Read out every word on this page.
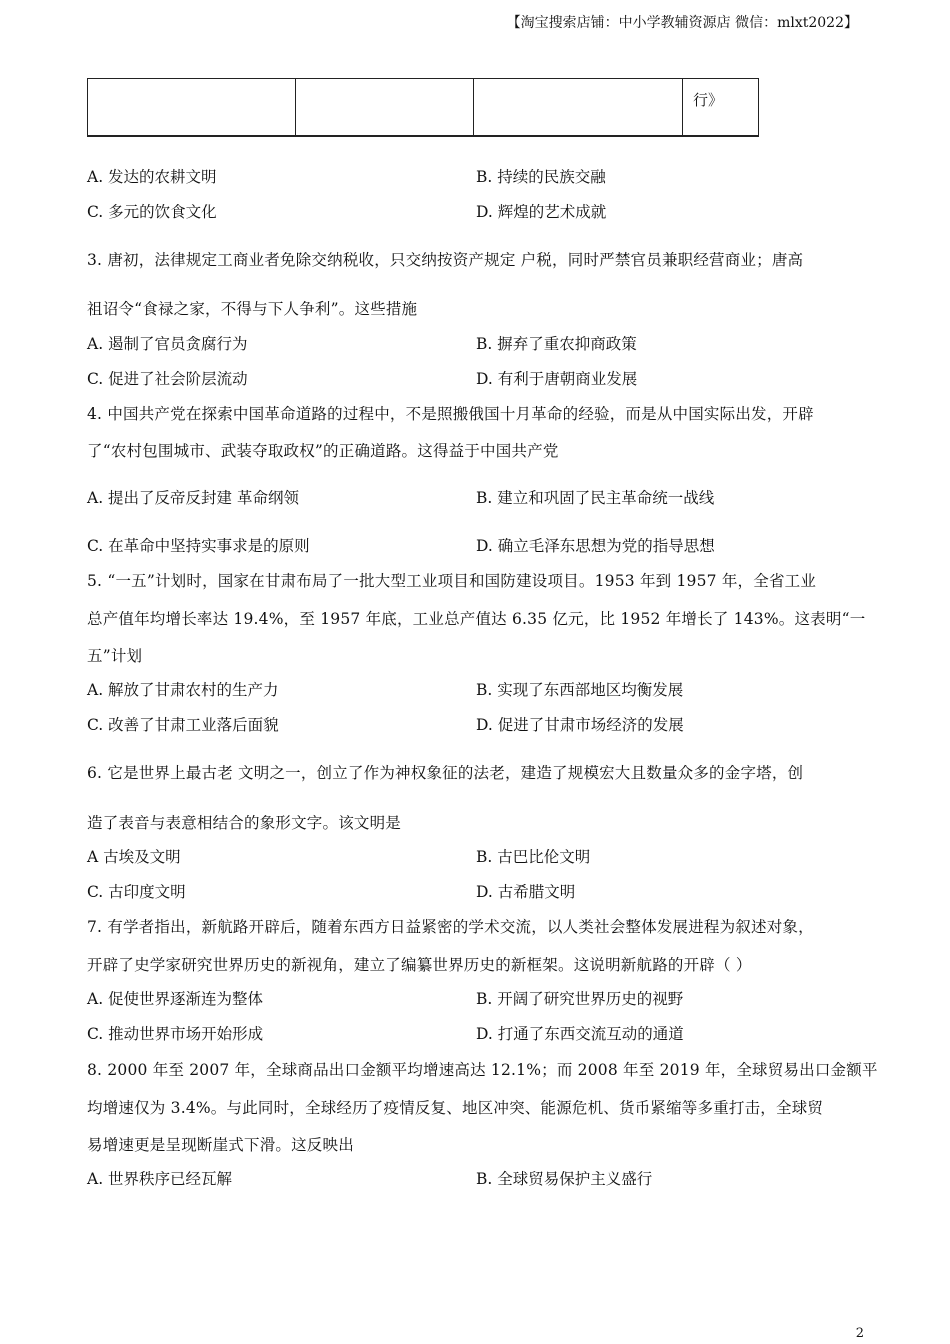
【淘宝搜索店铺：中小学教辅资源店 微信：mlxt2022】
			行》
A. 发达的农耕文明	B. 持续的民族交融
C. 多元的饮食文化	D. 辉煌的艺术成就
3. 唐初，法律规定工商业者免除交纳税收，只交纳按资产规定 户税，同时严禁官员兼职经营商业；唐高
祖诏令“食禄之家，不得与下人争利”。这些措施
A. 遏制了官员贪腐行为	B. 摒弃了重农抑商政策
C. 促进了社会阶层流动	D. 有利于唐朝商业发展
4. 中国共产党在探索中国革命道路的过程中，不是照搬俄国十月革命的经验，而是从中国实际出发，开辟
了“农村包围城市、武装夺取政权”的正确道路。这得益于中国共产党
A. 提出了反帝反封建 革命纲领	B. 建立和巩固了民主革命统一战线
C. 在革命中坚持实事求是的原则	D. 确立毛泽东思想为党的指导思想
5. “一五”计划时，国家在甘肃布局了一批大型工业项目和国防建设项目。1953 年到 1957 年，全省工业
总产值年均增长率达 19.4%，至 1957 年底，工业总产值达 6.35 亿元，比 1952 年增长了 143%。这表明“一
五”计划
A. 解放了甘肃农村的生产力	B. 实现了东西部地区均衡发展
C. 改善了甘肃工业落后面貌	D. 促进了甘肃市场经济的发展
6. 它是世界上最古老 文明之一，创立了作为神权象征的法老，建造了规模宏大且数量众多的金字塔，创
造了表音与表意相结合的象形文字。该文明是
A 古埃及文明	B. 古巴比伦文明
C. 古印度文明	D. 古希腊文明
7. 有学者指出，新航路开辟后，随着东西方日益紧密的学术交流，以人类社会整体发展进程为叙述对象，
开辟了史学家研究世界历史的新视角，建立了编纂世界历史的新框架。这说明新航路的开辟（ ）
A. 促使世界逐渐连为整体	B. 开阔了研究世界历史的视野
C. 推动世界市场开始形成	D. 打通了东西交流互动的通道
8. 2000 年至 2007 年，全球商品出口金额平均增速高达 12.1%；而 2008 年至 2019 年，全球贸易出口金额平
均增速仅为 3.4%。与此同时，全球经历了疫情反复、地区冲突、能源危机、货币紧缩等多重打击，全球贸
易增速更是呈现断崖式下滑。这反映出
A. 世界秩序已经瓦解	B. 全球贸易保护主义盛行
2
